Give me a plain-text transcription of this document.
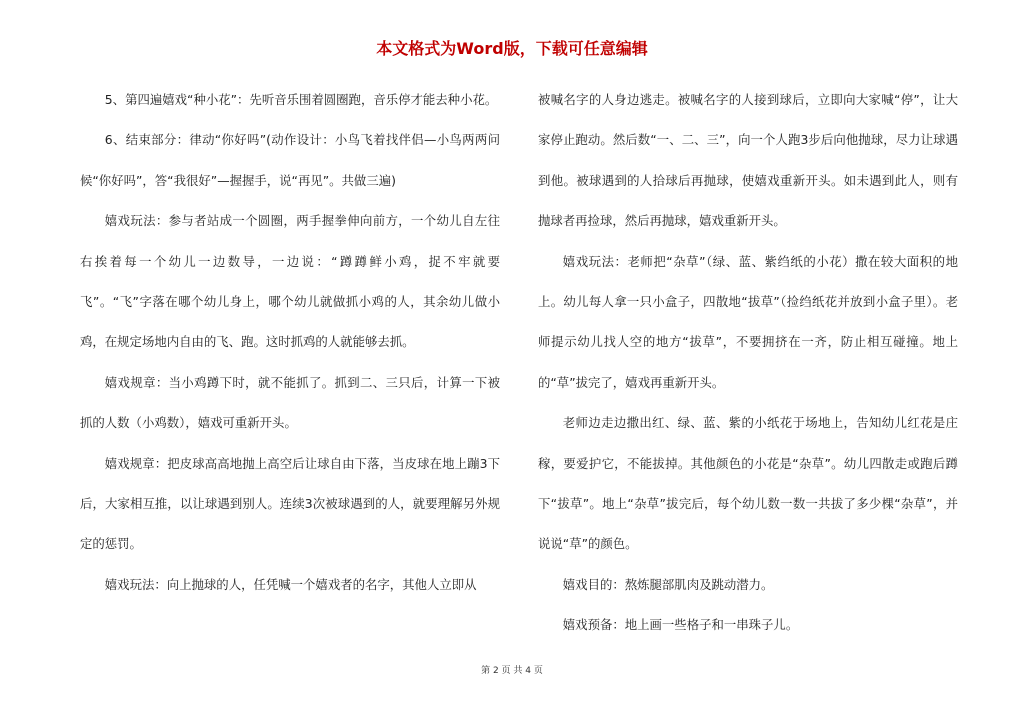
本文格式为Word版，下载可任意编辑

5、第四遍嬉戏“种小花”：先听音乐围着圆圈跑，音乐停才能去种小花。

6、结束部分：律动“你好吗”(动作设计：小鸟飞着找伴侣—小鸟两两问候“你好吗”，答“我很好”—握握手，说“再见”。共做三遍)

嬉戏玩法：参与者站成一个圆圈，两手握拳伸向前方，一个幼儿自左往右挨着每一个幼儿一边数导，一边说：“蹲蹲鲜小鸡，捉不牢就要飞”。“飞”字落在哪个幼儿身上，哪个幼儿就做抓小鸡的人，其余幼儿做小鸡，在规定场地内自由的飞、跑。这时抓鸡的人就能够去抓。

嬉戏规章：当小鸡蹲下时，就不能抓了。抓到二、三只后，计算一下被抓的人数（小鸡数），嬉戏可重新开头。

嬉戏规章：把皮球高高地抛上高空后让球自由下落，当皮球在地上蹦3下后，大家相互推，以让球遇到别人。连续3次被球遇到的人，就要理解另外规定的惩罚。

嬉戏玩法：向上抛球的人，任凭喊一个嬉戏者的名字，其他人立即从

被喊名字的人身边逃走。被喊名字的人接到球后，立即向大家喊“停”，让大家停止跑动。然后数“一、二、三”，向一个人跑3步后向他抛球，尽力让球遇到他。被球遇到的人拾球后再抛球，使嬉戏重新开头。如未遇到此人，则有抛球者再捡球，然后再抛球，嬉戏重新开头。

嬉戏玩法：老师把“杂草”（绿、蓝、紫绉纸的小花）撒在较大面积的地上。幼儿每人拿一只小盒子，四散地“拔草”（捡绉纸花并放到小盒子里）。老师提示幼儿找人空的地方“拔草”，不要拥挤在一齐，防止相互碰撞。地上的“草”拔完了，嬉戏再重新开头。

老师边走边撒出红、绿、蓝、紫的小纸花于场地上，告知幼儿红花是庄稼，要爱护它，不能拔掉。其他颜色的小花是“杂草”。幼儿四散走或跑后蹲下“拔草”。地上“杂草”拔完后，每个幼儿数一数一共拔了多少棵“杂草”，并说说“草”的颜色。

嬉戏目的：熬炼腿部肌肉及跳动潜力。

嬉戏预备：地上画一些格子和一串珠子儿。

第 2 页 共 4 页
